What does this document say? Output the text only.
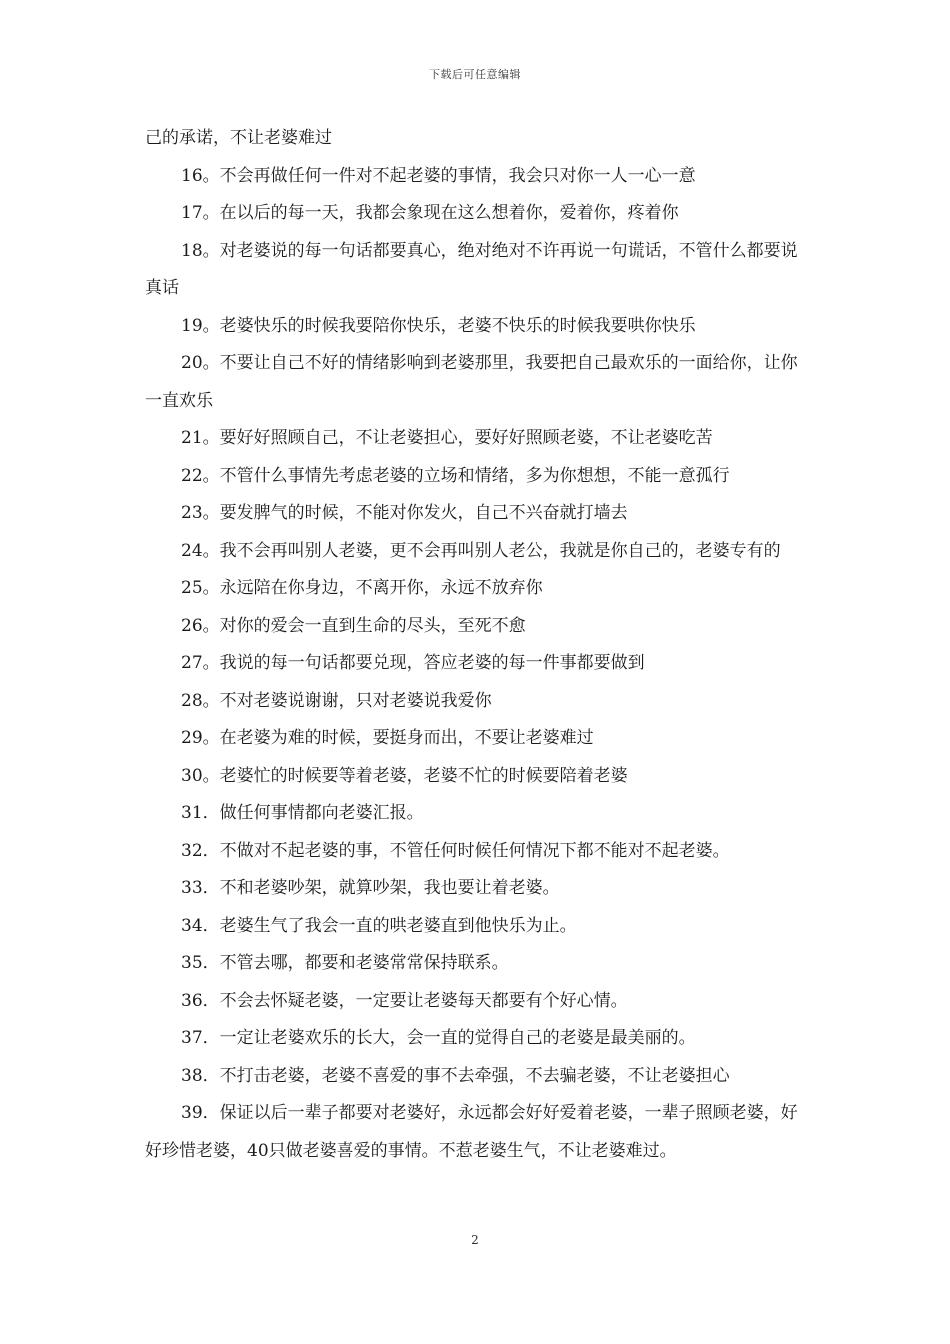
下载后可任意编辑

己的承诺，不让老婆难过

16。不会再做任何一件对不起老婆的事情，我会只对你一人一心一意

17。在以后的每一天，我都会象现在这么想着你，爱着你，疼着你

18。对老婆说的每一句话都要真心，绝对绝对不许再说一句谎话，不管什么都要说真话

19。老婆快乐的时候我要陪你快乐，老婆不快乐的时候我要哄你快乐

20。不要让自己不好的情绪影响到老婆那里，我要把自己最欢乐的一面给你，让你一直欢乐

21。要好好照顾自己，不让老婆担心，要好好照顾老婆，不让老婆吃苦

22。不管什么事情先考虑老婆的立场和情绪，多为你想想，不能一意孤行

23。要发脾气的时候，不能对你发火，自己不兴奋就打墙去

24。我不会再叫别人老婆，更不会再叫别人老公，我就是你自己的，老婆专有的

25。永远陪在你身边，不离开你，永远不放弃你

26。对你的爱会一直到生命的尽头，至死不愈

27。我说的每一句话都要兑现，答应老婆的每一件事都要做到

28。不对老婆说谢谢，只对老婆说我爱你

29。在老婆为难的时候，要挺身而出，不要让老婆难过

30。老婆忙的时候要等着老婆，老婆不忙的时候要陪着老婆

31．做任何事情都向老婆汇报。

32．不做对不起老婆的事，不管任何时候任何情况下都不能对不起老婆。

33．不和老婆吵架，就算吵架，我也要让着老婆。

34．老婆生气了我会一直的哄老婆直到他快乐为止。

35．不管去哪，都要和老婆常常保持联系。

36．不会去怀疑老婆，一定要让老婆每天都要有个好心情。

37．一定让老婆欢乐的长大，会一直的觉得自己的老婆是最美丽的。

38．不打击老婆，老婆不喜爱的事不去牵强，不去骗老婆，不让老婆担心

39．保证以后一辈子都要对老婆好，永远都会好好爱着老婆，一辈子照顾老婆，好好珍惜老婆，40只做老婆喜爱的事情。不惹老婆生气，不让老婆难过。

2
